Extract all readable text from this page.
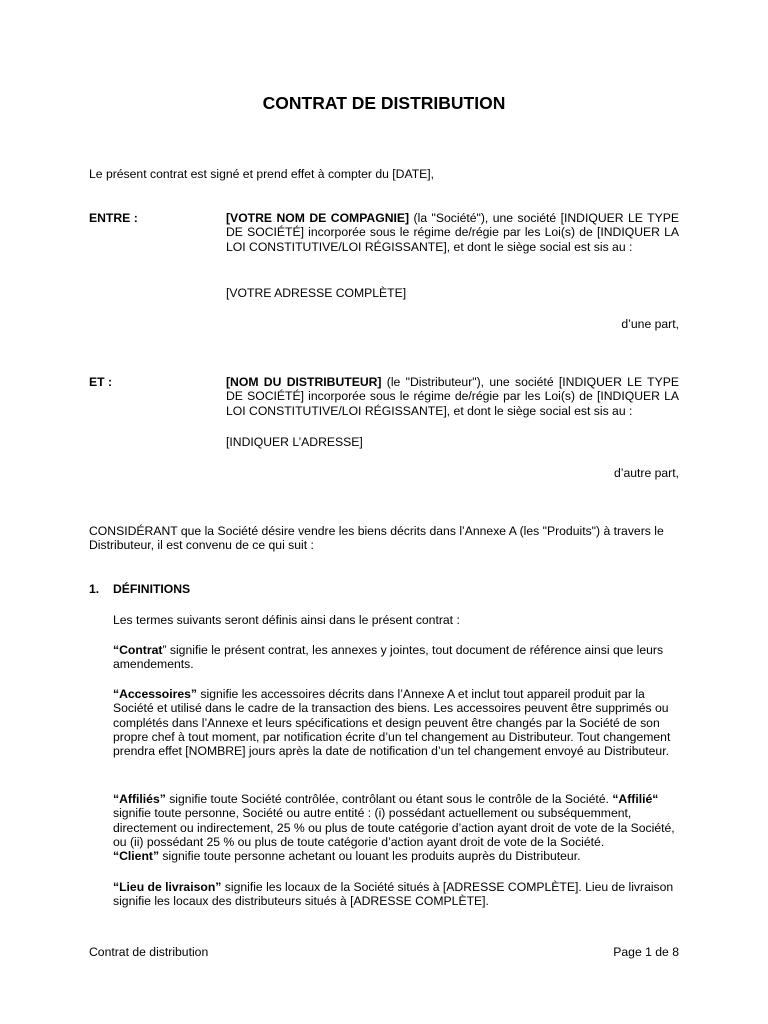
CONTRAT DE DISTRIBUTION

Le présent contrat est signé et prend effet à compter du [DATE],

ENTRE :	[VOTRE NOM DE COMPAGNIE] (la "Société"), une société [INDIQUER LE TYPE DE SOCIÉTÉ] incorporée sous le régime de/régie par les Loi(s) de [INDIQUER LA LOI CONSTITUTIVE/LOI RÉGISSANTE], et dont le siège social est sis au :

[VOTRE ADRESSE COMPLÈTE]

d’une part,
ET :	[NOM DU DISTRIBUTEUR] (le "Distributeur"), une société [INDIQUER LE TYPE DE SOCIÉTÉ] incorporée sous le régime de/régie par les Loi(s) de [INDIQUER LA LOI CONSTITUTIVE/LOI RÉGISSANTE], et dont le siège social est sis au :

[INDIQUER L’ADRESSE]

d’autre part,

CONSIDÉRANT que la Société désire vendre les biens décrits dans l’Annexe A (les "Produits") à travers le Distributeur, il est convenu de ce qui suit :

1. DÉFINITIONS

Les termes suivants seront définis ainsi dans le présent contrat :

“Contrat” signifie le présent contrat, les annexes y jointes, tout document de référence ainsi que leurs amendements.

“Accessoires” signifie les accessoires décrits dans l’Annexe A et inclut tout appareil produit par la Société et utilisé dans le cadre de la transaction des biens. Les accessoires peuvent être supprimés ou complétés dans l’Annexe et leurs spécifications et design peuvent être changés par la Société de son propre chef à tout moment, par notification écrite d’un tel changement au Distributeur. Tout changement prendra effet [NOMBRE] jours après la date de notification d’un tel changement envoyé au Distributeur.

“Affiliés” signifie toute Société contrôlée, contrôlant ou étant sous le contrôle de la Société. “Affilié“ signifie toute personne, Société ou autre entité : (i) possédant actuellement ou subséquemment, directement ou indirectement, 25 % ou plus de toute catégorie d’action ayant droit de vote de la Société, ou (ii) possédant 25 % ou plus de toute catégorie d’action ayant droit de vote de la Société.
“Client” signifie toute personne achetant ou louant les produits auprès du Distributeur.

“Lieu de livraison” signifie les locaux de la Société situés à [ADRESSE COMPLÈTE]. Lieu de livraison signifie les locaux des distributeurs situés à [ADRESSE COMPLÈTE].

Contrat de distribution	Page 1 de 8
